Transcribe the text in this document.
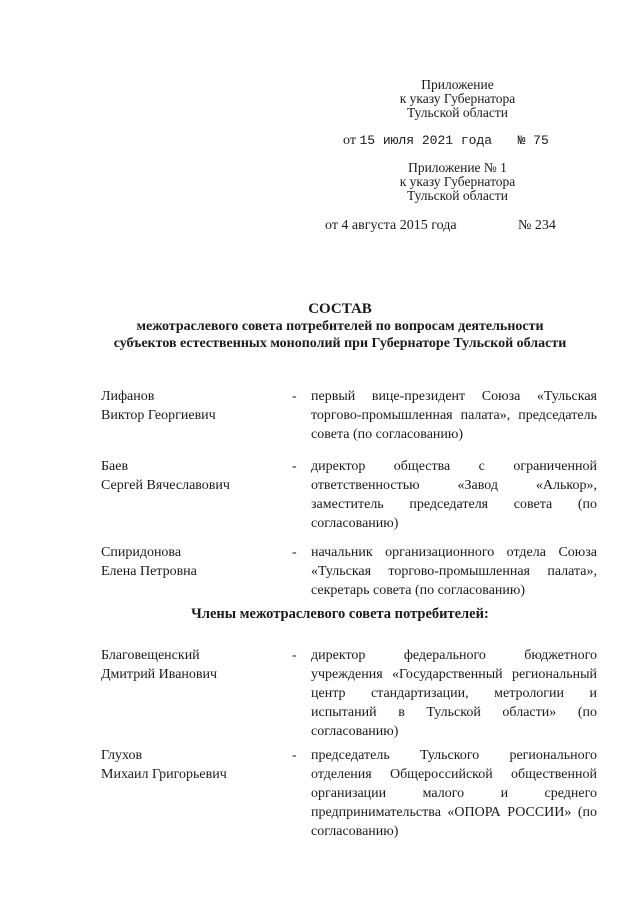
Приложение
к указу Губернатора
Тульской области
от 15 июля 2021 года № 75
Приложение № 1
к указу Губернатора
Тульской области
от 4 августа 2015 года	№ 234
СОСТАВ
межотраслевого совета потребителей по вопросам деятельности
субъектов естественных монополий при Губернаторе Тульской области
Лифанов
Виктор Георгиевич
- первый вице-президент Союза «Тульская торгово-промышленная палата», председатель совета (по согласованию)
Баев
Сергей Вячеславович
- директор общества с ограниченной ответственностью «Завод «Алькор», заместитель председателя совета (по согласованию)
Спиридонова
Елена Петровна
- начальник организационного отдела Союза «Тульская торгово-промышленная палата», секретарь совета (по согласованию)
Члены межотраслевого совета потребителей:
Благовещенский
Дмитрий Иванович
- директор федерального бюджетного учреждения «Государственный региональный центр стандартизации, метрологии и испытаний в Тульской области» (по согласованию)
Глухов
Михаил Григорьевич
- председатель Тульского регионального отделения Общероссийской общественной организации малого и среднего предпринимательства «ОПОРА РОССИИ» (по согласованию)
